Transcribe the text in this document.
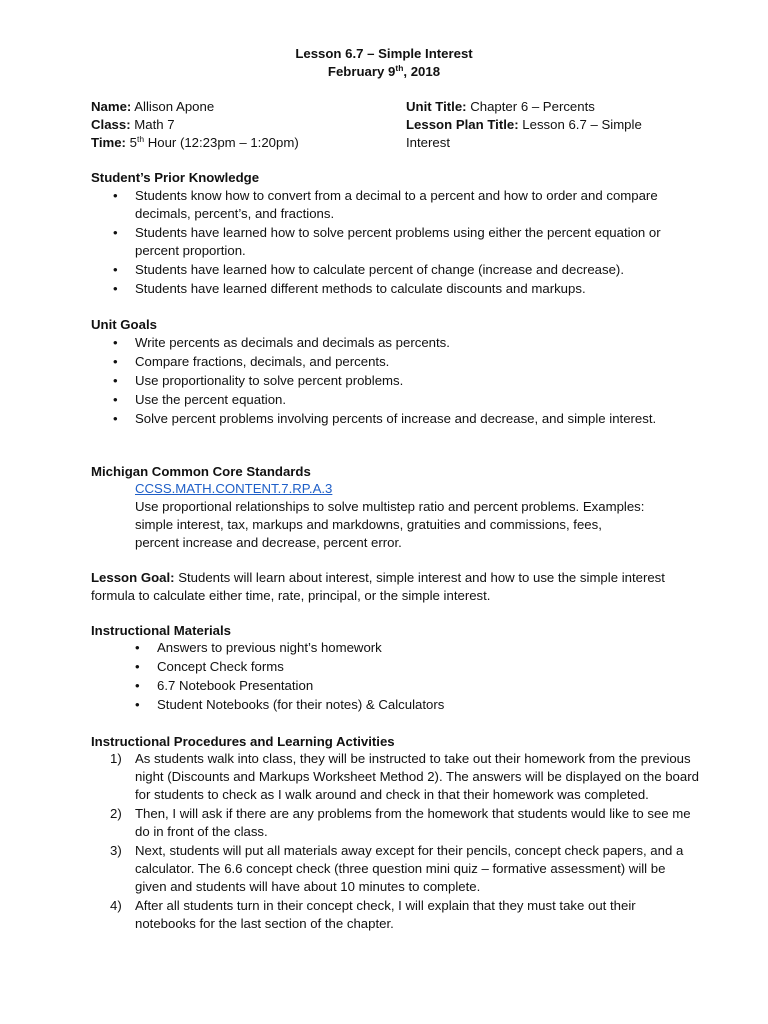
Lesson 6.7 – Simple Interest
February 9th, 2018
Name: Allison Apone
Class: Math 7
Time: 5th Hour (12:23pm – 1:20pm)
Unit Title: Chapter 6 – Percents
Lesson Plan Title: Lesson 6.7 – Simple
Interest
Student’s Prior Knowledge
• Students know how to convert from a decimal to a percent and how to order and compare decimals, percent’s, and fractions.
• Students have learned how to solve percent problems using either the percent equation or percent proportion.
• Students have learned how to calculate percent of change (increase and decrease).
• Students have learned different methods to calculate discounts and markups.
Unit Goals
• Write percents as decimals and decimals as percents.
• Compare fractions, decimals, and percents.
• Use proportionality to solve percent problems.
• Use the percent equation.
• Solve percent problems involving percents of increase and decrease, and simple interest.
Michigan Common Core Standards
CCSS.MATH.CONTENT.7.RP.A.3
Use proportional relationships to solve multistep ratio and percent problems. Examples: simple interest, tax, markups and markdowns, gratuities and commissions, fees, percent increase and decrease, percent error.
Lesson Goal: Students will learn about interest, simple interest and how to use the simple interest formula to calculate either time, rate, principal, or the simple interest.
Instructional Materials
• Answers to previous night’s homework
• Concept Check forms
• 6.7 Notebook Presentation
• Student Notebooks (for their notes) & Calculators
Instructional Procedures and Learning Activities
1) As students walk into class, they will be instructed to take out their homework from the previous night (Discounts and Markups Worksheet Method 2). The answers will be displayed on the board for students to check as I walk around and check in that their homework was completed.
2) Then, I will ask if there are any problems from the homework that students would like to see me do in front of the class.
3) Next, students will put all materials away except for their pencils, concept check papers, and a calculator. The 6.6 concept check (three question mini quiz – formative assessment) will be given and students will have about 10 minutes to complete.
4) After all students turn in their concept check, I will explain that they must take out their notebooks for the last section of the chapter.
